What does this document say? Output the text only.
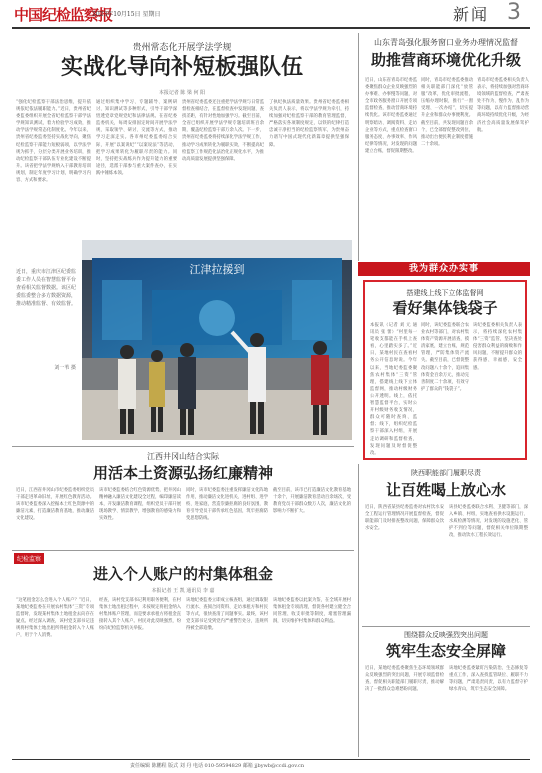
中国纪检监察报
2023年10月15日 星期日	新闻 3
贵州常态化开展学法学规
实战化导向补短板强队伍
本报记者 陈 梁 何 阳
“强化纪检监察干部法治思维，提升依规依纪依法履职能力。”近日，贵州省纪委监委组织开展全省纪检监察干部学法学规知识测试，着力检验学习成效，推动学法学规常态化制度化。今年以来，贵州省纪委监委坚持实战化导向，聚焦纪检监察干部能力短板弱项，以学法学规为抓手，分层分类开展业务培训，推动纪检监察干部队伍专业化建设不断提升。该省把学法学规纳入干部教育培训规划，制定年度学习计划，明确学习内容、方式和要求。
通过组织集中学习、专题辅导、案例研讨、知识测试等多种形式，引导干部学深悟透党章党规党纪和法律法规。在省纪委监委机关，每周安排固定时间开展学法学规，采取领学、研讨、交流等方式，推动学习走深走实。各市州纪委监委结合实际，开展“以案说纪”“以案说法”等活动，把学习成果转化为履职尽责的能力。同时，坚持把实战练兵作为提升能力的重要途径，选派干部参与重大案件查办，在实践中锤炼本领。
贵州省纪委监委还注重把学法学规与日常监督检查相结合，在监督检查中发现问题、查找差距，有针对性地加强学习。截至目前，全省已组织开展学法学规专题培训班百余期，覆盖纪检监察干部万余人次。下一步，贵州省纪委监委将持续深化学法学规工作，推动学习成果转化为履职实效，不断提高纪检监察工作规范化法治化正规化水平，为推动高质量发展提供坚强保障。
了执纪执法质量效果。贵州省纪委监委相关负责人表示，将以学法学规为牵引，持续加强对纪检监察干部的教育管理监督，严格落实各项制度规定，以铁的纪律打造忠诚干净担当的纪检监察铁军，为贵州奋力谱写中国式现代化新篇章提供坚强保障。
近日，重庆市江津区纪委监委工作人员在智慧监督平台查看相关监督数据。该区纪委监委整合多方数据资源，推动精准监督、有效监督。
刘一苇 摄
江津拉援到
山东青岛强化服务窗口业务办理情况监督
助推营商环境优化升级
近日，山东省青岛市纪委监委聚焦群众企业反映强烈的办事难、办事慢等问题，对全市政务服务窗口开展专项监督检查，推动营商环境持续优化。该市纪委监委通过明察暗访、调阅资料、走访企业等方式，重点检查窗口服务态度、办事效率、作风纪律等情况，对发现的问题建立台账，督促限期整改。
同时，青岛市纪委监委推动相关职能部门深化“放管服”改革，优化审批流程，压缩办理时限，推行“一窗受理、一次办结”，切实提升企业和群众办事便利度。截至目前，共发现问题百余个，已全部督促整改到位，推动出台便民利企制度措施二十余项。
青岛市纪委监委相关负责人表示，将持续加强对营商环境领域的监督检查，严肃查处不作为、慢作为、乱作为等问题，以有力监督推动营商环境持续优化升级，为经济社会高质量发展保驾护航。
我为群众办实事
搭建线上线下立体监督网
看好集体钱袋子
本报讯（记者 刘 元 通讯员 张 蕾）“村里每一笔收支都能在手机上查看，心里踏实多了。”近日，某地村民在查看村务公开信息时说。今年以来，当地纪委监委聚焦农村集体“三资”管理，搭建线上线下立体监督网，推动村级财务公开透明。线上，依托智慧监督平台，实时公开村级财务收支情况，群众可随时查询、监督；线下，组织纪检监察干部深入村组，开展走访调研和监督检查，发现问题及时督促整改。
同时，该纪委监委联合农业农村等部门，对农村集体资产资源开展清查，摸清家底，建立台账，规范管理，严防集体资产流失。截至目前，已督促整改问题八十余个，追回集体资金百余万元，推动完善制度二十余项，有效守护了群众的“钱袋子”。
该纪委监委相关负责人表示，将持续深化农村集体“三资”监管，坚决查处侵害群众利益的腐败和作风问题，不断提升群众的获得感、幸福感、安全感。
江西井冈山结合实际
用活本土资源弘扬红廉精神
近日，江西省井冈山市纪委监委组织党员干部走进革命旧址，开展红色教育活动。该市纪委监委深入挖掘本土红色资源中的廉洁元素，打造廉洁教育基地，推动廉洁文化建设。
该市纪委监委结合红色资源优势，把井冈山精神融入廉洁文化建设全过程，编印廉洁读本，开发廉洁教育课程，组织党员干部开展现场教学、情景教学，增强教育的感染力和实效性。
同时，该市纪委监委注重发挥廉洁文化阵地作用，推动廉洁文化进机关、进村组、进学校、进家庭，营造崇廉拒腐的良好氛围，教育引导党员干部传承红色基因，筑牢拒腐防变思想防线。
截至目前，该市已打造廉洁文化教育基地十余个，开展廉洁教育活动百余场次，受教育党员干部群众数万人次，廉洁文化的影响力不断扩大。
纪检监察
进入个人账户的村集体租金
本报记者 王 凯 通讯员 李 嘉
“这笔租金怎么会进入个人账户？”近日，某地纪委监委在开展农村集体“三资”专项监督时，发现某村集体土地租金去向存在疑点。经过深入调查，该村党支部书记违规将村集体土地出租所得租金转入个人账户，用于个人消费。
经查，该村党支部书记利用职务便利，在村集体土地出租过程中，未按规定将租金纳入村集体账户管理，而是要求承租方将租金直接转入其个人账户。村民对此反映强烈，纷纷向纪检监察机关举报。
该地纪委监委立即成立核查组，通过调取银行流水、查阅合同资料、走访承租方和村民等方式，很快查清了问题事实。最终，该村党支部书记受到党内严重警告处分，违规所得被全部追缴。
该地纪委监委以此案为鉴，在全域开展村集体租金专项清理，督促各村建立健全合同管理、收支审批等制度，堵塞管理漏洞，切实维护村集体和群众利益。
陕西职能部门履职尽责
让百姓喝上放心水
近日，陕西省某县纪委监委对农村饮水安全工程运行管理情况开展监督检查，督促职能部门及时排查整改问题，保障群众饮水安全。
该县纪委监委联合水利、卫健等部门，深入乡镇、村组，实地查看供水设施运行、水质检测等情况，对发现的设施老化、管护不到位等问题，督促相关单位限期整改，推动饮水工程长效运行。
围绕群众反映强烈突出问题
筑牢生态安全屏障
近日，某地纪委监委聚焦生态环境领域群众反映强烈的突出问题，开展专项监督检查，督促相关职能部门履职尽责，推动解决了一批群众急难愁盼问题。
该地纪委监委紧盯污染防治、生态修复等重点工作，深入查找监管缺位、履职不力等问题，严肃追责问责，以有力监督守护绿水青山，筑牢生态安全屏障。
责任编辑 陈鹏程 版式 刘 丹 电话 010-59594829 邮箱 jjbywb@ccdi.gov.cn
